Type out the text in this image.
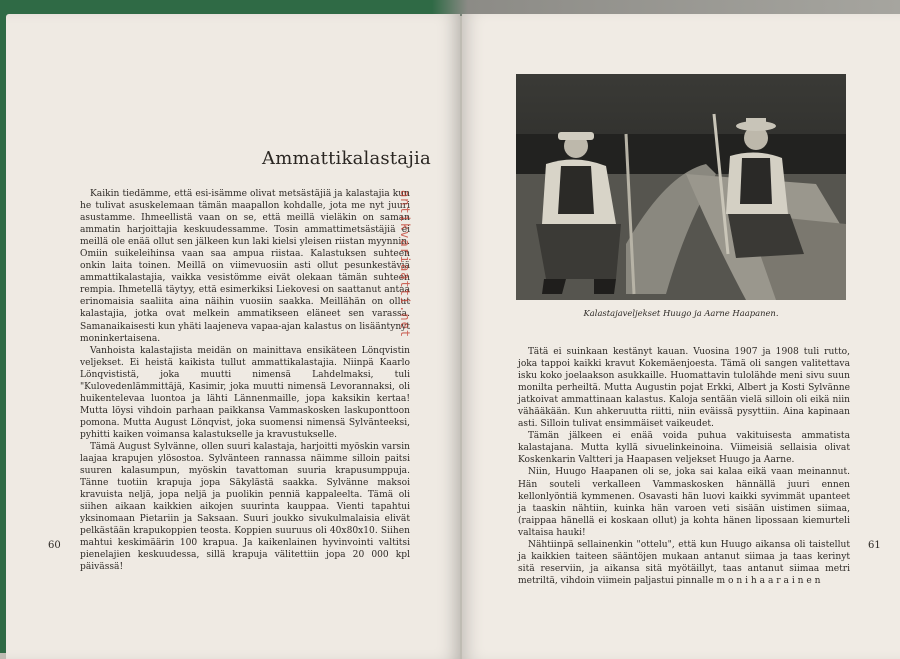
Ammattikalastajia

Kaikin tiedämme, että esi-isämme olivat metsästäjiä ja kalastajia kun he tulivat asuskelemaan tämän maapallon kohdalle, jota me nyt juuri asustamme. Ihmeellistä vaan on se, että meillä vieläkin on saman ammatin harjoittajia keskuudessamme. Tosin ammattimetsästäjiä ei meillä ole enää ollut sen jälkeen kun laki kielsi yleisen riistan myynnin. Omiin suikeleihinsa vaan saa ampua riistaa. Kalastuksen suhteen onkin laita toinen. Meillä on viimevuosiin asti ollut pesunkestäviä ammattikalastajia, vaikka vesistömme eivät olekaan tämän suhteen rempia. Ihmetellä täytyy, että esimerkiksi Liekovesi on saattanut antaa erinomaisia saaliita aina näihin vuosiin saakka. Meillähän on ollut kalastajia, jotka ovat melkein ammatikseen eläneet sen varassa. Samanaikaisesti kun yhäti laajeneva vapaa-ajan kalastus on lisääntynyt moninkertaisena.

Vanhoista kalastajista meidän on mainittava ensikäteen Lönqvistin veljekset. Ei heistä kaikista tullut ammattikalastajia. Niinpä Kaarlo Lönqvististä, joka muutti nimensä Lahdelmaksi, tuli "Kulovedenlämmittäjä, Kasimir, joka muutti nimensä Levorannaksi, oli huikentelevaa luontoa ja lähti Lännenmaille, jopa kaksikin kertaa! Mutta löysi vihdoin parhaan paikkansa Vammaskosken laskuponttoon pomona. Mutta August Lönqvist, joka suomensi nimensä Sylvänteeksi, pyhitti kaiken voimansa kalastukselle ja kravustukselle.

Tämä August Sylvänne, ollen suuri kalastaja, harjoitti myöskin varsin laajaa krapujen ylösostoa. Sylvänteen rannassa näimme silloin paitsi suuren kalasumpun, myöskin tavattoman suuria krapusumppuja. Tänne tuotiin krapuja jopa Säkylästä saakka. Sylvänne maksoi kravuista neljä, jopa neljä ja puolikin penniä kappaleelta. Tämä oli siihen aikaan kaikkien aikojen suurinta kauppaa. Vienti tapahtui yksinomaan Pietariin ja Saksaan. Suuri joukko sivukulmalaisia elivät pelkästään krapukoppien teosta. Koppien suuruus oli 40x80x10. Siihen mahtui keskimäärin 100 krapua. Ja kaikenlainen hyvinvointi valtitsi pienelajien keskuudessa, sillä krapuja välitettiin jopa 20 000 kpl päivässä!

antikvariaatti.net
60
Kalastajaveljekset Huugo ja Aarne Haapanen.

Tätä ei suinkaan kestänyt kauan. Vuosina 1907 ja 1908 tuli rutto, joka tappoi kaikki kravut Kokemäenjoesta. Tämä oli sangen valitettava isku koko joelaakson asukkaille. Huomattavin tulolähde meni sivu suun monilta perheiltä. Mutta Augustin pojat Erkki, Albert ja Kosti Sylvänne jatkoivat ammattinaan kalastus. Kaloja sentään vielä silloin oli eikä niin vähääkään. Kun ahkeruutta riitti, niin eväissä pysyttiin. Aina kapinaan asti. Silloin tulivat ensimmäiset vaikeudet.

Tämän jälkeen ei enää voida puhua vakituisesta ammatista kalastajana. Mutta kyllä sivuelinkeinoina. Viimeisiä sellaisia olivat Koskenkarin Valtteri ja Haapasen veljekset Huugo ja Aarne.

Niin, Huugo Haapanen oli se, joka sai kalaa eikä vaan meinannut. Hän souteli verkalleen Vammaskosken hännällä juuri ennen kellonlyöntiä kymmenen. Osavasti hän luovi kaikki syvimmät upanteet ja taaskin nähtiin, kuinka hän varoen veti sisään uistimen siimaa, (raippaa hänellä ei koskaan ollut) ja kohta hänen lipossaan kiemurteli valtaisa hauki!

Nähtiinpä sellainenkin "ottelu", että kun Huugo aikansa oli taistellut ja kaikkien taiteen sääntöjen mukaan antanut siimaa ja taas kerinyt sitä reserviin, ja aikansa sitä myötäillyt, taas antanut siimaa metri metriltä, vihdoin viimein paljastui pinnalle m o n i h a a r a i n e n

61
